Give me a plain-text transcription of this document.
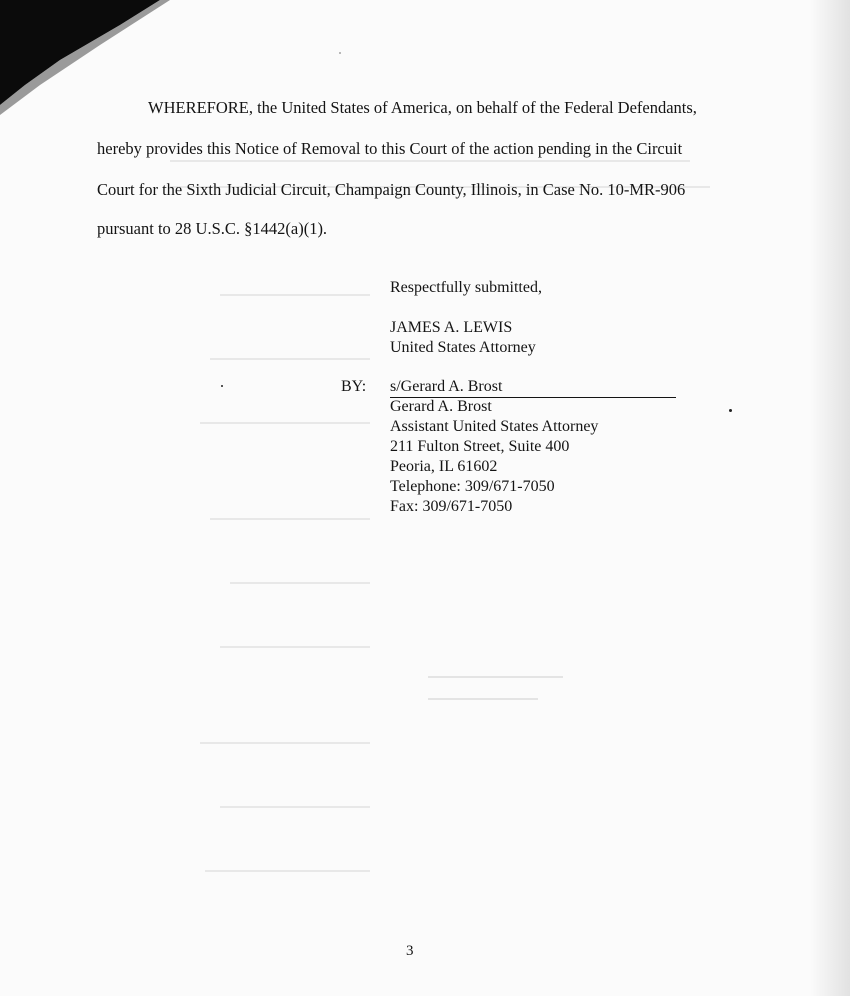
WHEREFORE, the United States of America, on behalf of the Federal Defendants,
hereby provides this Notice of Removal to this Court of the action pending in the Circuit
Court for the Sixth Judicial Circuit, Champaign County, Illinois, in Case No. 10-MR-906
pursuant to 28 U.S.C. §1442(a)(1).
Respectfully submitted,
JAMES A. LEWIS
United States Attorney
BY: s/Gerard A. Brost
Gerard A. Brost
Assistant United States Attorney
211 Fulton Street, Suite 400
Peoria, IL 61602
Telephone: 309/671-7050
Fax: 309/671-7050
3
